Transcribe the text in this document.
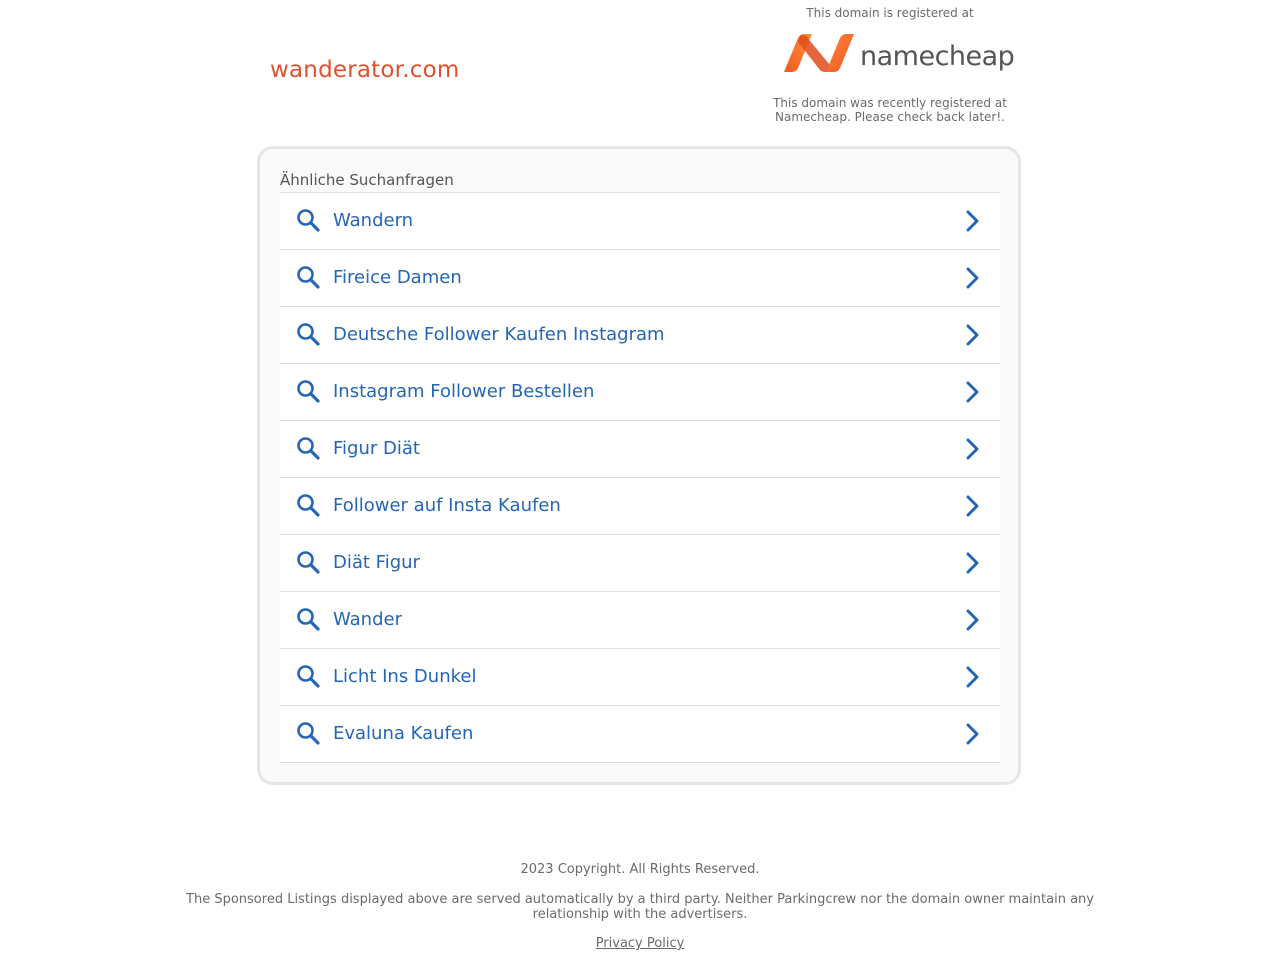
wanderator.com
This domain is registered at
namecheap
This domain was recently registered at Namecheap. Please check back later!.
Ähnliche Suchanfragen
Wandern
Fireice Damen
Deutsche Follower Kaufen Instagram
Instagram Follower Bestellen
Figur Diät
Follower auf Insta Kaufen
Diät Figur
Wander
Licht Ins Dunkel
Evaluna Kaufen
2023 Copyright. All Rights Reserved.
The Sponsored Listings displayed above are served automatically by a third party. Neither Parkingcrew nor the domain owner maintain any relationship with the advertisers.
Privacy Policy
